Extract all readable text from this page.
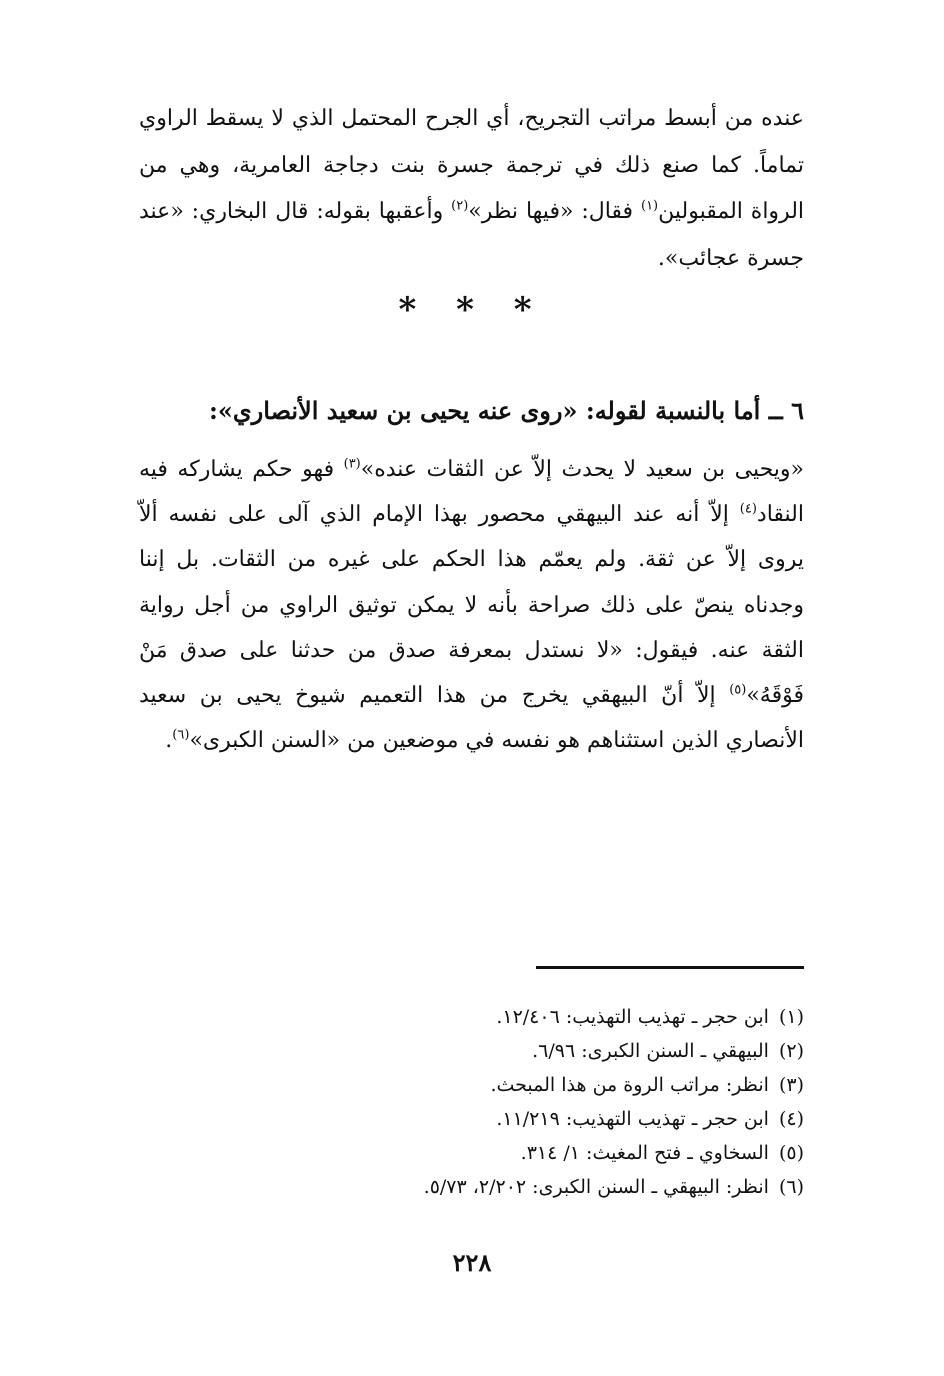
عنده من أبسط مراتب التجريح، أي الجرح المحتمل الذي لا يسقط الراوي تماماً. كما صنع ذلك في ترجمة جسرة بنت دجاجة العامرية، وهي من الرواة المقبولين$^{(١)}$ فقال: «فيها نظر»$^{(٢)}$ وأعقبها بقوله: قال البخاري: «عند جسرة عجائب».

* * *
٦ ــ أما بالنسبة لقوله: «روى عنه يحيى بن سعيد الأنصاري»:

«ويحيى بن سعيد لا يحدث إلاّ عن الثقات عنده»$^{(٣)}$ فهو حكم يشاركه فيه النقاد$^{(٤)}$ إلاّ أنه عند البيهقي محصور بهذا الإمام الذي آلى على نفسه ألاّ يروى إلاّ عن ثقة. ولم يعمّم هذا الحكم على غيره من الثقات. بل إننا وجدناه ينصّ على ذلك صراحة بأنه لا يمكن توثيق الراوي من أجل رواية الثقة عنه. فيقول: «لا نستدل بمعرفة صدق من حدثنا على صدق مَنْ فَوْقَهُ»$^{(٥)}$ إلاّ أنّ البيهقي يخرج من هذا التعميم شيوخ يحيى بن سعيد الأنصاري الذين استثناهم هو نفسه في موضعين من «السنن الكبرى»$^{(٦)}$.

(١)ابن حجر ـ تهذيب التهذيب: ١٢/٤٠٦.
(٢)البيهقي ـ السنن الكبرى: ٦/٩٦.
(٣)انظر: مراتب الروة من هذا المبحث.
(٤)ابن حجر ـ تهذيب التهذيب: ١١/٢١٩.
(٥)السخاوي ـ فتح المغيث: ١/ ٣١٤.
(٦)انظر: البيهقي ـ السنن الكبرى: ٢/٢٠٢، ٥/٧٣.
٢٢٨
